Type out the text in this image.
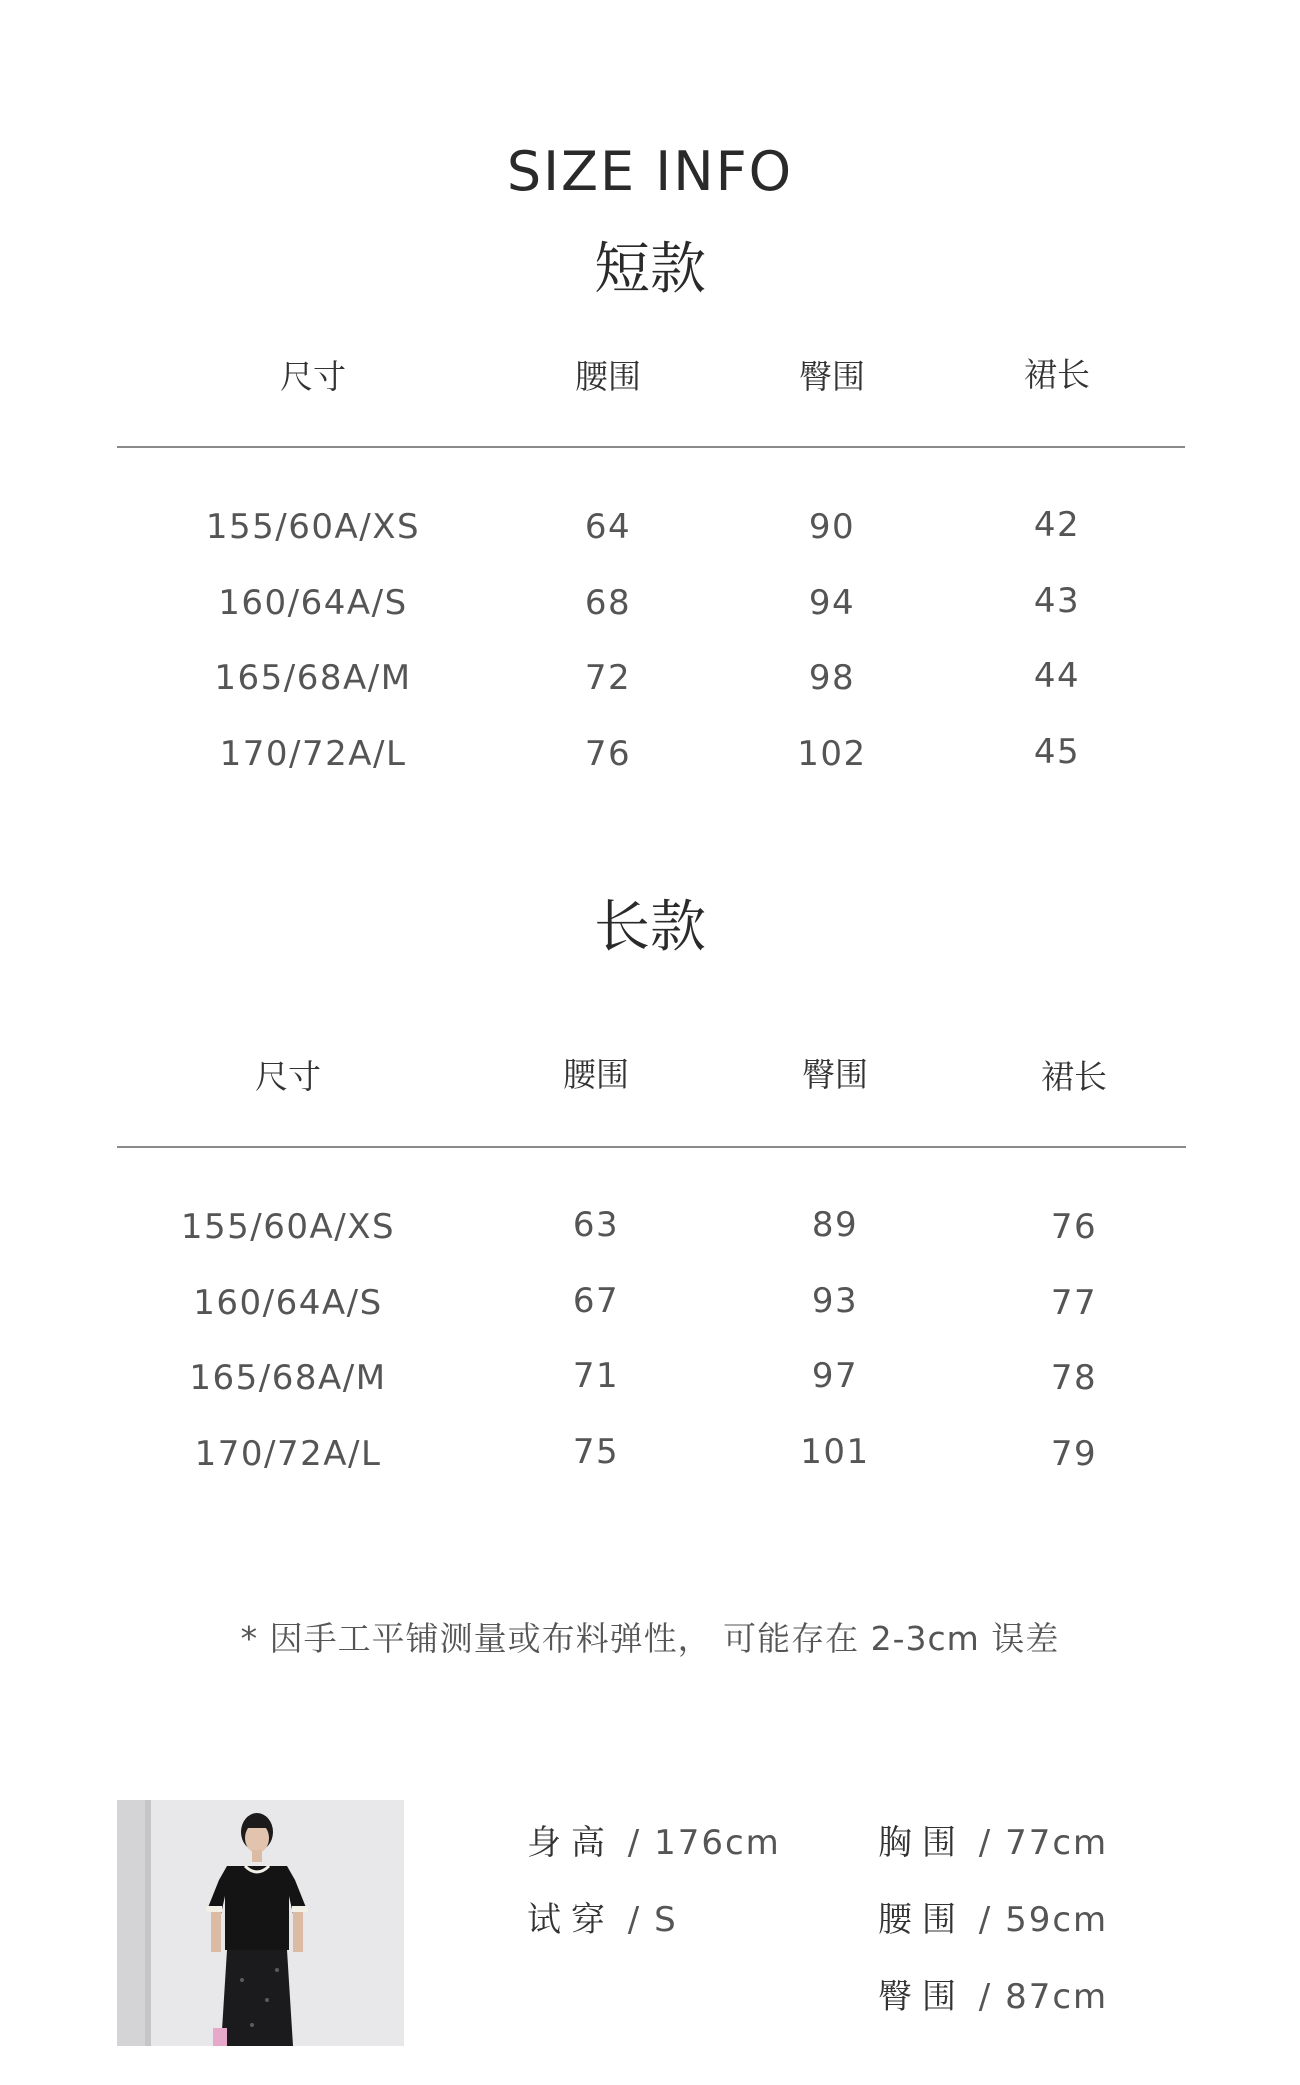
SIZE INFO
短款
尺寸	腰围	臀围	裙长
155/60A/XS	64	90	42
160/64A/S	68	94	43
165/68A/M	72	98	44
170/72A/L	76	102	45
长款
尺寸	腰围	臀围	裙长
155/60A/XS	63	89	76
160/64A/S	67	93	77
165/68A/M	71	97	78
170/72A/L	75	101	79
* 因手工平铺测量或布料弹性， 可能存在 2-3cm 误差
身高 / 176cm
试穿 / S
胸围 / 77cm
腰围 / 59cm
臀围 / 87cm
